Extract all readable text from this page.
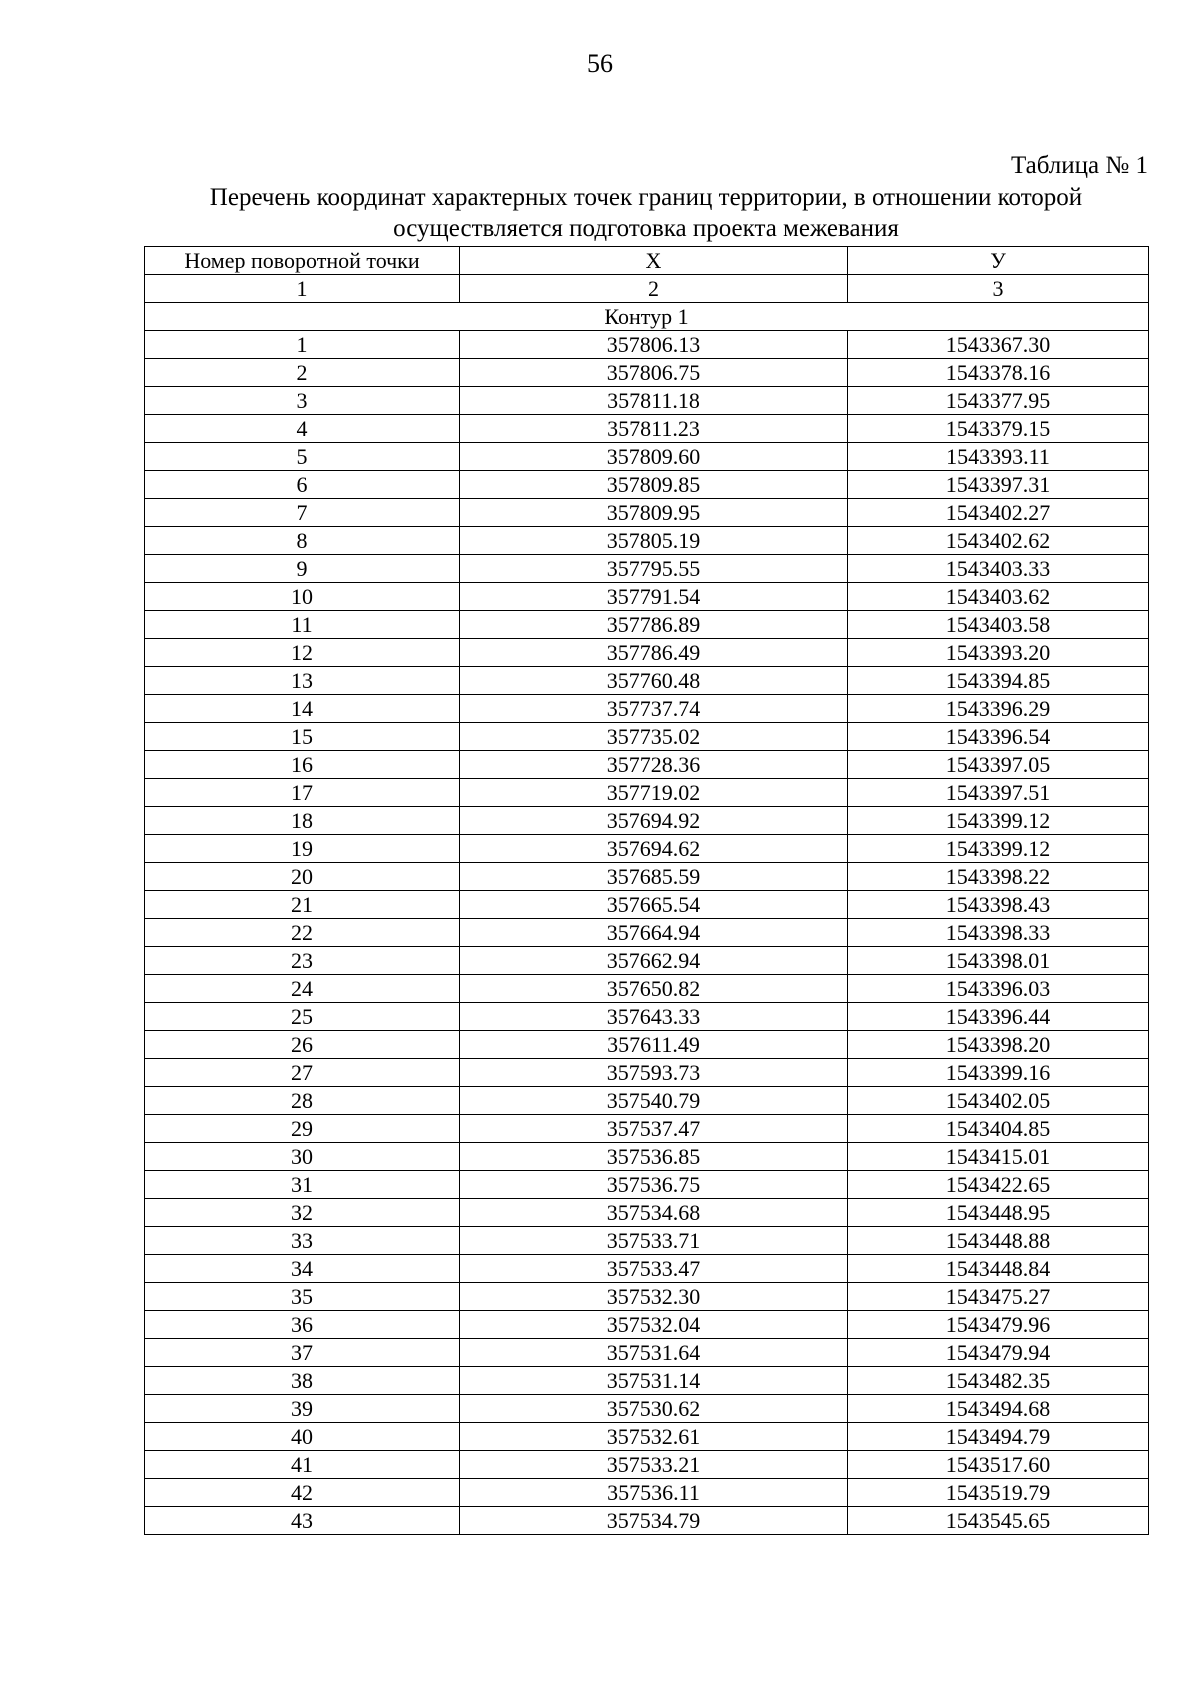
56
Таблица № 1
Перечень координат характерных точек границ территории, в отношении которой осуществляется подготовка проекта межевания
Номер поворотной точки	X	У
1	2	3
Контур 1		
1	357806.13	1543367.30
2	357806.75	1543378.16
3	357811.18	1543377.95
4	357811.23	1543379.15
5	357809.60	1543393.11
6	357809.85	1543397.31
7	357809.95	1543402.27
8	357805.19	1543402.62
9	357795.55	1543403.33
10	357791.54	1543403.62
11	357786.89	1543403.58
12	357786.49	1543393.20
13	357760.48	1543394.85
14	357737.74	1543396.29
15	357735.02	1543396.54
16	357728.36	1543397.05
17	357719.02	1543397.51
18	357694.92	1543399.12
19	357694.62	1543399.12
20	357685.59	1543398.22
21	357665.54	1543398.43
22	357664.94	1543398.33
23	357662.94	1543398.01
24	357650.82	1543396.03
25	357643.33	1543396.44
26	357611.49	1543398.20
27	357593.73	1543399.16
28	357540.79	1543402.05
29	357537.47	1543404.85
30	357536.85	1543415.01
31	357536.75	1543422.65
32	357534.68	1543448.95
33	357533.71	1543448.88
34	357533.47	1543448.84
35	357532.30	1543475.27
36	357532.04	1543479.96
37	357531.64	1543479.94
38	357531.14	1543482.35
39	357530.62	1543494.68
40	357532.61	1543494.79
41	357533.21	1543517.60
42	357536.11	1543519.79
43	357534.79	1543545.65
